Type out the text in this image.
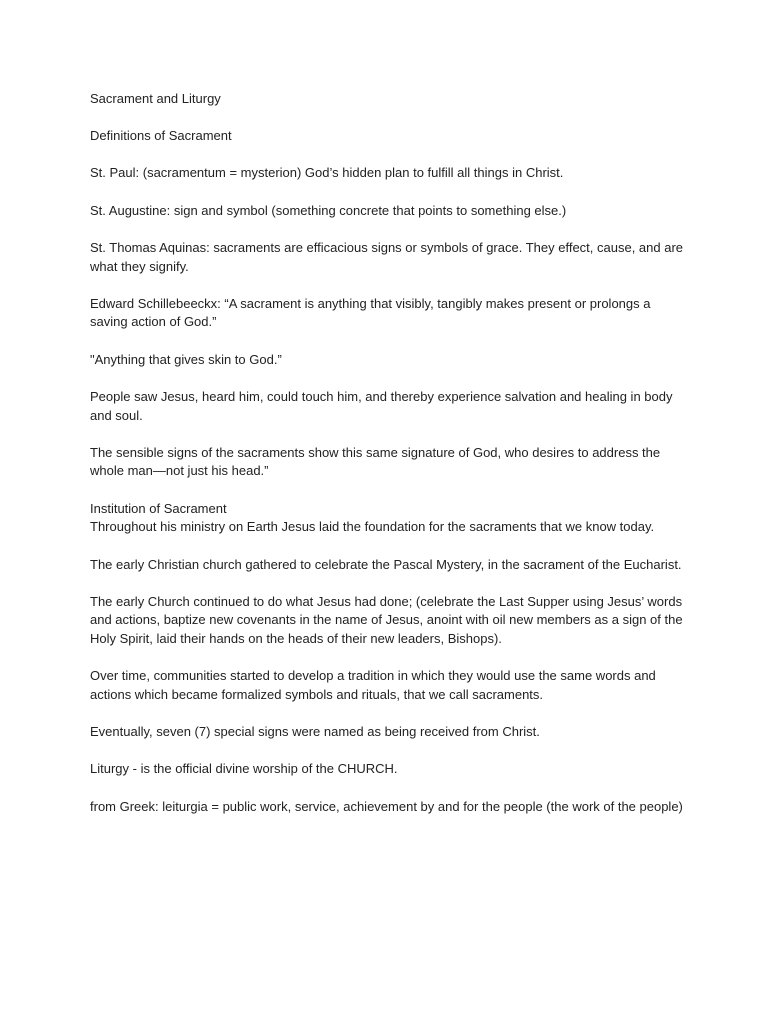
Sacrament and Liturgy

Definitions of Sacrament

St. Paul: (sacramentum = mysterion) God’s hidden plan to fulfill all things in Christ.

St. Augustine: sign and symbol (something concrete that points to something else.)

St. Thomas Aquinas: sacraments are efficacious signs or symbols of grace. They effect, cause, and are what they signify.

Edward Schillebeeckx: “A sacrament is anything that visibly, tangibly makes present or prolongs a saving action of God.”

"Anything that gives skin to God.”

People saw Jesus, heard him, could touch him, and thereby experience salvation and healing in body and soul.

The sensible signs of the sacraments show this same signature of God, who desires to address the whole man—not just his head.”

Institution of Sacrament

Throughout his ministry on Earth Jesus laid the foundation for the sacraments that we know today.

The early Christian church gathered to celebrate the Pascal Mystery, in the sacrament of the Eucharist.

The early Church continued to do what Jesus had done; (celebrate the Last Supper using Jesus’ words and actions, baptize new covenants in the name of Jesus, anoint with oil new members as a sign of the Holy Spirit, laid their hands on the heads of their new leaders, Bishops).

Over time, communities started to develop a tradition in which they would use the same words and actions which became formalized symbols and rituals, that we call sacraments.

Eventually, seven (7) special signs were named as being received from Christ.

Liturgy - is the official divine worship of the CHURCH.

from Greek: leiturgia = public work, service, achievement by and for the people (the work of the people)
